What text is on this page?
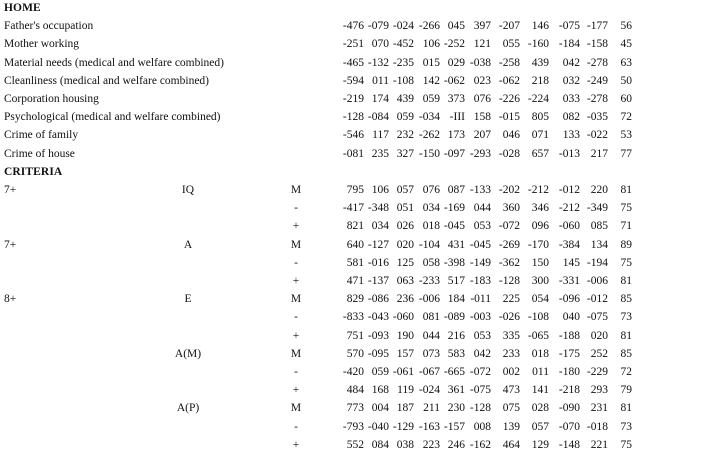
HOME
Father's occupation	-476 -079 -024 -266 045 397 -207	146 -075 -177	56
Mother working	-251 070 -452 106 -252 121	055 -160 -184 -158	45
Material needs (medical and welfare combined)	-465 -132 -235 015 029 -038 -258	439	042 -278	63
Cleanliness (medical and welfare combined)	-594 011 -108 142 -062 023 -062	218	032 -249	50
Corporation housing	-219 174 439 059 373 076 -226 -224	033 -278	60
Psychological (medical and welfare combined)	-128 -084 059 -034 -III 158 -015	805	082 -035	72
Crime of family	-546 117 232 -262 173 207	046	071	133 -022	53
Crime of house	-081 235 327 -150 -097 -293 -028	657 -013 217	77
CRITERIA
7+	IQ	M	795 106 057 076 087 -133 -202 -212 -012 220	81
-	-417 -348 051 034 -169 044	360	346 -212 -349	75
+	821 034 026 018 -045 053 -072	096 -060 085	71
7+	A	M	640 -127 020 -104 431 -045 -269 -170 -384 134	89
-	581 -016 125 058 -398 -149 -362	150	145 -194	75
+	471 -137 063 -233 517 -183 -128	300 -331 -006	81
8+	E	M	829 -086 236 -006 184 -011	225	054 -096 -012	85
-	-833 -043 -060 081 -089 -003 -026 -108	040 -075	73
+	751 -093 190 044 216 053	335 -065 -188 020	81
A(M)	M	570 -095 157 073 583 042	233	018 -175 252	85
-	-420 059 -061 -067 -665 -072	002	011 -180 -229	72
+	484 168 119 -024 361 -075	473	141 -218 293	79
A(P)	M	773 004 187 211 230 -128	075	028 -090 231	81
-	-793 -040 -129 -163 -157 008	139	057 -070 -018	73
+	552 084 038 223 246 -162	464	129 -148 221	75
